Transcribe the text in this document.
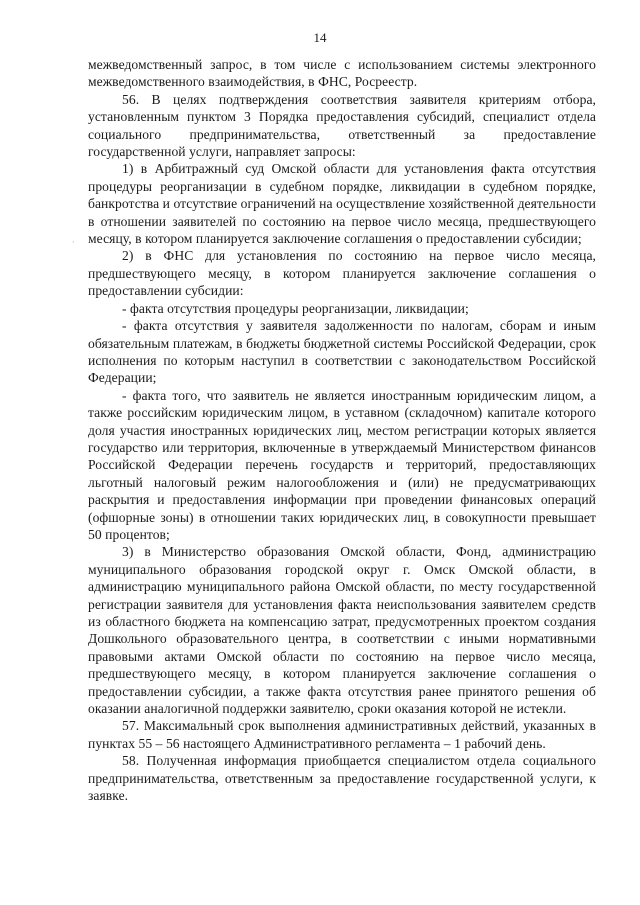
14
·

межведомственный запрос, в том числе с использованием системы электронного межведомственного взаимодействия, в ФНС, Росреестр.

56. В целях подтверждения соответствия заявителя критериям отбора, установленным пунктом 3 Порядка предоставления субсидий, специалист отдела социального предпринимательства, ответственный за предоставление государственной услуги, направляет запросы:

1) в Арбитражный суд Омской области для установления факта отсутствия процедуры реорганизации в судебном порядке, ликвидации в судебном порядке, банкротства и отсутствие ограничений на осуществление хозяйственной деятельности в отношении заявителей по состоянию на первое число месяца, предшествующего месяцу, в котором планируется заключение соглашения о предоставлении субсидии;

2) в ФНС для установления по состоянию на первое число месяца, предшествующего месяцу, в котором планируется заключение соглашения о предоставлении субсидии:

- факта отсутствия процедуры реорганизации, ликвидации;

- факта отсутствия у заявителя задолженности по налогам, сборам и иным обязательным платежам, в бюджеты бюджетной системы Российской Федерации, срок исполнения по которым наступил в соответствии с законодательством Российской Федерации;

- факта того, что заявитель не является иностранным юридическим лицом, а также российским юридическим лицом, в уставном (складочном) капитале которого доля участия иностранных юридических лиц, местом регистрации которых является государство или территория, включенные в утверждаемый Министерством финансов Российской Федерации перечень государств и территорий, предоставляющих льготный налоговый режим налогообложения и (или) не предусматривающих раскрытия и предоставления информации при проведении финансовых операций (офшорные зоны) в отношении таких юридических лиц, в совокупности превышает 50 процентов;

3) в Министерство образования Омской области, Фонд, администрацию муниципального образования городской округ г. Омск Омской области, в администрацию муниципального района Омской области, по месту государственной регистрации заявителя для установления факта неиспользования заявителем средств из областного бюджета на компенсацию затрат, предусмотренных проектом создания Дошкольного образовательного центра, в соответствии с иными нормативными правовыми актами Омской области по состоянию на первое число месяца, предшествующего месяцу, в котором планируется заключение соглашения о предоставлении субсидии, а также факта отсутствия ранее принятого решения об оказании аналогичной поддержки заявителю, сроки оказания которой не истекли.

57. Максимальный срок выполнения административных действий, указанных в пунктах 55 – 56 настоящего Административного регламента – 1 рабочий день.

58. Полученная информация приобщается специалистом отдела социального предпринимательства, ответственным за предоставление государственной услуги, к заявке.
